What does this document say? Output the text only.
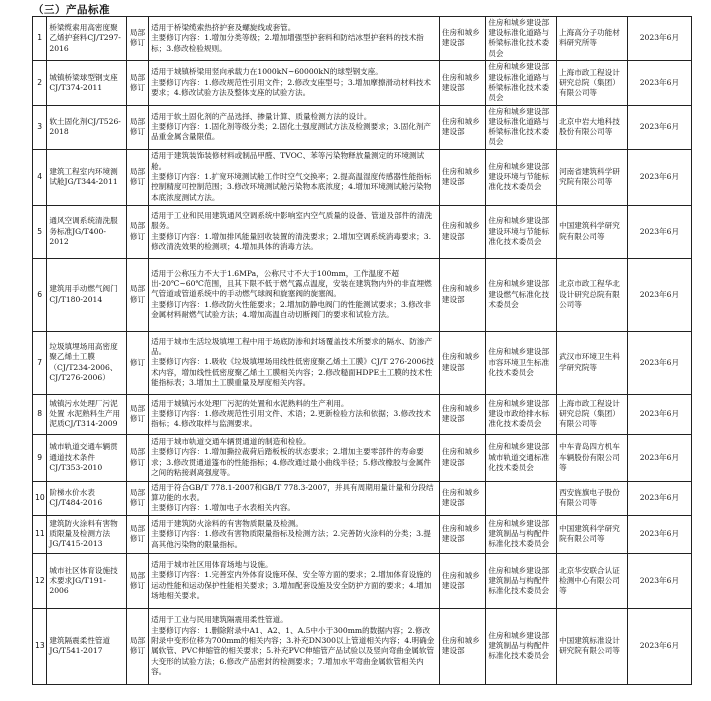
（三）产品标准
1	桥梁缆索用高密度聚乙烯护套料CJ/T297-2016	局部修订	适用于桥梁缆索热挤护套及螺旋线或套管。
主要修订内容：1.增加分类等级；2.增加增强型护套料和防结冰型护套料的技术指标；3.修改检验规则。	住房和城乡建设部	住房和城乡建设部建设标准化道路与桥梁标准化技术委员会	上海高分子功能材料研究所等	2023年6月
2	城镇桥梁球型钢支座CJ/T374-2011	局部修订	适用于城镇桥梁用竖向承载力在1000kN~60000kN的球型钢支座。
主要修订内容：1.修改规范性引用文件；2.修改支座型号；3.增加摩擦滑动材料技术要求；4.修改试验方法及整体支座的试验方法。	住房和城乡建设部	住房和城乡建设部建设标准化道路与桥梁标准化技术委员会	上海市政工程设计研究总院（集团）有限公司等	2023年6月
3	软土固化剂CJ/T526-2018	局部修订	适用于软土固化剂的产品选择、掺量计算、质量检测方法的设计。
主要修订内容：1.固化剂等级分类；2.固化土强度测试方法及检测要求；3.固化剂产品重金属含量限值。	住房和城乡建设部	住房和城乡建设部建设标准化道路与桥梁标准化技术委员会	北京中岩大地科技股份有限公司等	2023年6月
4	建筑工程室内环境测试舱JG/T344-2011	局部修订	适用于建筑装饰装修材料或制品甲醛、TVOC、苯等污染物释放量测定的环境测试舱。
主要修订内容：1.扩宽环境测试舱工作时空气交换率；2.提高温湿度传感器性能指标控制精度可控制范围；3.修改环境测试舱污染物本底浓度；4.增加环境测试舱污染物本底浓度测试方法。	住房和城乡建设部	住房和城乡建设部建设环境与节能标准化技术委员会	河南省建筑科学研究院有限公司等	2023年6月
5	通风空调系统清洗服务标准JG/T400-2012	局部修订	适用于工业和民用建筑通风空调系统中影响室内空气质量的设备、管道及部件的清洗服务。
主要修订内容：1.增加排风能量回收装置的清洗要求；2.增加空调系统消毒要求；3.修改清洗效果的检测项；4.增加具体的消毒方法。	住房和城乡建设部	住房和城乡建设部建设环境与节能标准化技术委员会	中国建筑科学研究院有限公司等	2023年6月
6	建筑用手动燃气阀门CJ/T180-2014	局部修订	适用于公称压力不大于1.6MPa，公称尺寸不大于100mm，工作温度不超出-20℃~60℃范围，且其下限不低于燃气露点温度，安装在建筑物内外的非直埋燃气管道或管道系统中的手动燃气球阀和旋塞阀的旋塞阀。
主要修订内容：1.修改防火性能要求；2.增加防静电阀门的性能测试要求；3.修改非金属材料耐燃气试验方法；4.增加高温自动切断阀门的要求和试验方法。	住房和城乡建设部	住房和城乡建设部建设燃气标准化技术委员会	北京市政工程华北设计研究总院有限公司等	2023年6月
7	垃圾填埋场用高密度聚乙烯土工膜（CJ/T234-2006、CJ/T276-2006）	修订	适用于城市生活垃圾填埋工程中用于场底防渗和封场覆盖技术所要求的隔水、防渗产品。
主要修订内容：1.吸收《垃圾填埋场用线性低密度聚乙烯土工膜》CJ/T 276-2006技术内容，增加线性低密度聚乙烯土工膜相关内容；2.修改糙面HDPE土工膜的技术性能指标表；3.增加土工膜重量及厚度相关内容。	住房和城乡建设部	住房和城乡建设部市容环境卫生标准化技术委员会	武汉市环境卫生科学研究院等	2023年6月
8	城镇污水处理厂污泥处置 水泥熟料生产用泥质CJ/T314-2009	局部修订	适用于城镇污水处理厂污泥的处置和水泥熟料的生产利用。
主要修订内容：1.修改规范性引用文件、术语；2.更新检验方法和依据；3.修改技术指标；4.修改取样与监测要求。	住房和城乡建设部	住房和城乡建设部建设市政给排水标准化技术委员会	上海市政工程设计研究总院（集团）有限公司等	2023年6月
9	城市轨道交通车辆贯通道技术条件CJ/T353-2010	局部修订	适用于城市轨道交通车辆贯通道的制造和检验。
主要修订内容：1.增加撕拉裁荷后踏板板的状态要求；2.增加主要零部件的寿命要求；3.修改贯通道篷布的性能指标；4.修改通过最小曲线半径；5.修改橡胶与金属件之间的粘接剥离强度等。	住房和城乡建设部	住房和城乡建设部城市轨道交通标准化技术委员会	中车青岛四方机车车辆股份有限公司等	2023年6月
10	阶梯水价水表CJ/T484-2016	局部修订	适用于符合GB/T 778.1-2007和GB/T 778.3-2007，并具有周期用量计量和分段结算功能的水表。
主要修订内容：1.增加电子水表相关内容。	住房和城乡建设部		西安旌旗电子股份有限公司等	2023年6月
11	建筑防火涂料有害物质限量及检测方法JG/T415-2013	局部修订	适用于建筑防火涂料的有害物质限量及检测。
主要修订内容：1.修改有害物质限量指标及检测方法；2.完善防火涂料的分类；3.提高其他污染物的限量指标。	住房和城乡建设部	住房和城乡建设部建筑制品与构配件标准化技术委员会	中国建筑科学研究院有限公司等	2023年6月
12	城市社区体育设施技术要求JG/T191-2006	局部修订	适用于城市社区用体育场地与设施。
主要修订内容：1.完善室内外体育设施环保、安全等方面的要求；2.增加体育设施的运动性能和运动保护性能相关要求；3.增加配套设施及安全防护方面的要求；4.增加场地相关要求。	住房和城乡建设部	住房和城乡建设部建筑制品与构配件标准化技术委员会	北京华安联合认证检测中心有限公司等	2023年6月
13	建筑隔震柔性管道JG/T541-2017	局部修订	适用于工业与民用建筑隔震用柔性管道。
主要修订内容：1.删除附录中A1、A2、1、A.5中小于300mm的数据内容；2.修改附录中变形位移为700mm的相关内容；3.补充DN300以上管道相关内容；4.明确金属软管、PVC伸缩管的相关要求；5.补充PVC伸缩管产品试验以及竖向弯曲金属软管大变形的试验方法；6.修改产品密封的检测要求；7.增加水平弯曲金属软管相关内容。	住房和城乡建设部	住房和城乡建设部建筑制品与构配件标准化技术委员会	中国建筑标准设计研究院有限公司等	2023年6月
